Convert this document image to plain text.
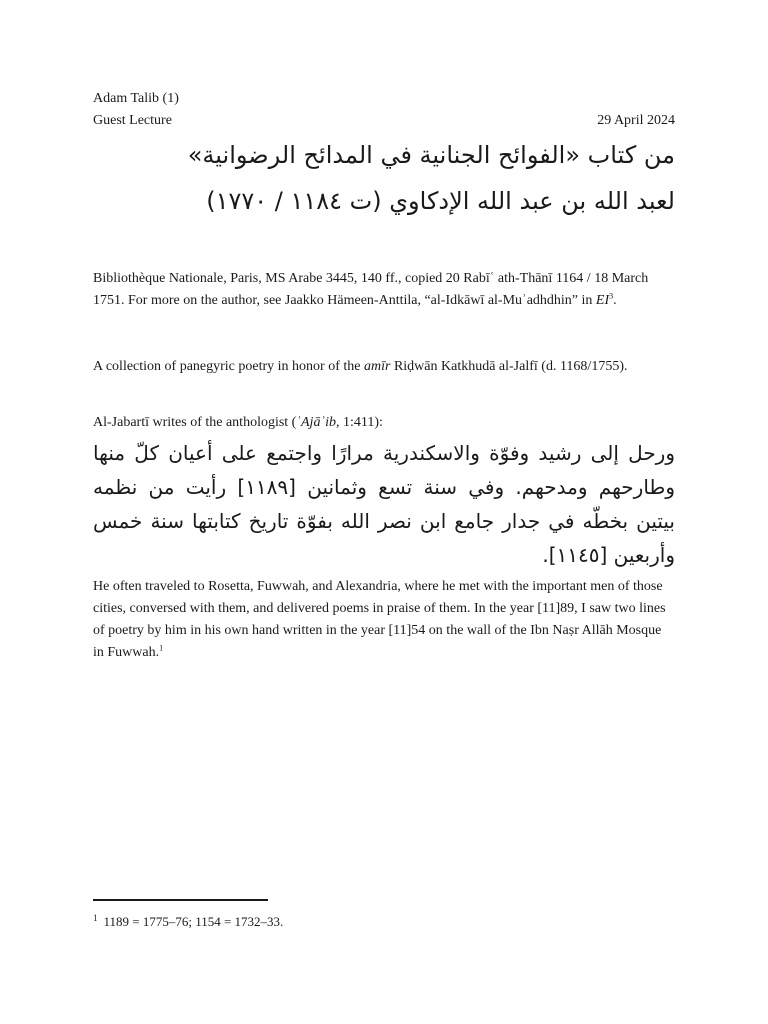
Adam Talib (1)
Guest Lecture	29 April 2024
من كتاب «الفوائح الجنانية في المدائح الرضوانية»
لعبد الله بن عبد الله الإدكاوي (ت ١١٨٤ / ١٧٧٠)

Bibliothèque Nationale, Paris, MS Arabe 3445, 140 ff., copied 20 Rabīʿ ath-Thānī 1164 / 18 March 1751. For more on the author, see Jaakko Hämeen-Anttila, “al-Idkāwī al-Muʾadhdhin” in $EI^3$.

A collection of panegyric poetry in honor of the amīr Riḍwān Katkhudā al-Jalfī (d. 1168/1755).

Al-Jabartī writes of the anthologist (ʿAjāʾib, 1:411):

ورحل إلى رشيد وفوّة والاسكندرية مرارًا واجتمع على أعيان كلّ منها وطارحهم ومدحهم. وفي سنة تسع وثمانين [١١٨٩] رأيت من نظمه بيتين بخطّه في جدار جامع ابن نصر الله بفوّة تاريخ كتابتها سنة خمس وأربعين [١١٤٥].

He often traveled to Rosetta, Fuwwah, and Alexandria, where he met with the important men of those cities, conversed with them, and delivered poems in praise of them. In the year [11]89, I saw two lines of poetry by him in his own hand written in the year [11]54 on the wall of the Ibn Naṣr Allāh Mosque in Fuwwah.$^1$

$^1$ 1189 = 1775–76; 1154 = 1732–33.
